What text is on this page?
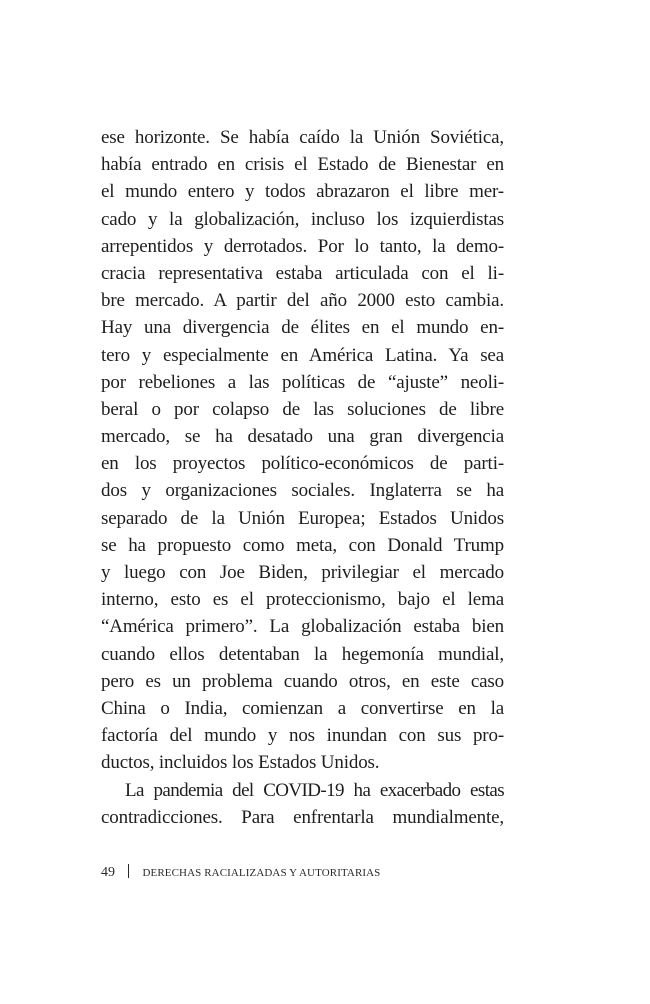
ese horizonte. Se había caído la Unión Soviética,
había entrado en crisis el Estado de Bienestar en
el mundo entero y todos abrazaron el libre mer-
cado y la globalización, incluso los izquierdistas
arrepentidos y derrotados. Por lo tanto, la demo-
cracia representativa estaba articulada con el li-
bre mercado. A partir del año 2000 esto cambia.
Hay una divergencia de élites en el mundo en-
tero y especialmente en América Latina. Ya sea
por rebeliones a las políticas de “ajuste” neoli-
beral o por colapso de las soluciones de libre
mercado, se ha desatado una gran divergencia
en los proyectos político-económicos de parti-
dos y organizaciones sociales. Inglaterra se ha
separado de la Unión Europea; Estados Unidos
se ha propuesto como meta, con Donald Trump
y luego con Joe Biden, privilegiar el mercado
interno, esto es el proteccionismo, bajo el lema
“América primero”. La globalización estaba bien
cuando ellos detentaban la hegemonía mundial,
pero es un problema cuando otros, en este caso
China o India, comienzan a convertirse en la
factoría del mundo y nos inundan con sus pro-
ductos, incluidos los Estados Unidos.
La pandemia del COVID-19 ha exacerbado estas
contradicciones. Para enfrentarla mundialmente,
49	DERECHAS RACIALIZADAS Y AUTORITARIAS
